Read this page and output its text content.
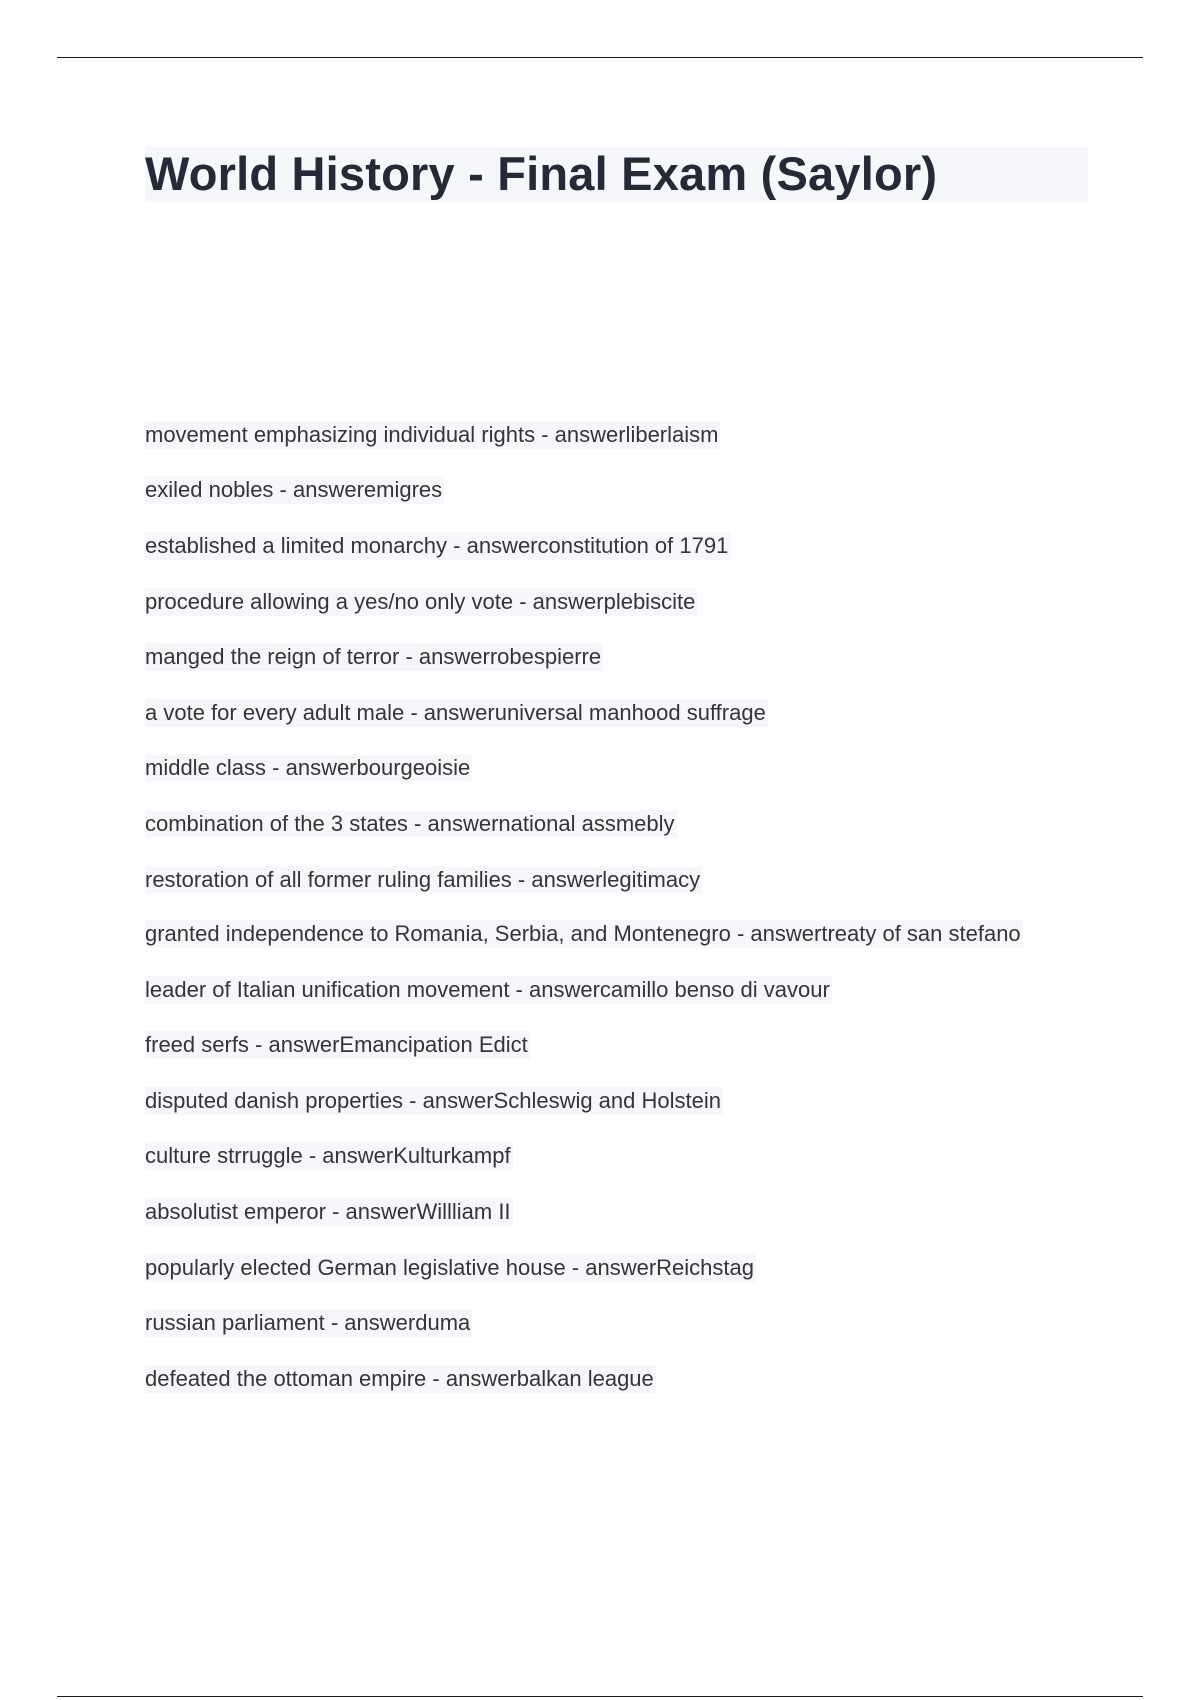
World History - Final Exam (Saylor)
movement emphasizing individual rights - answerliberlaism
exiled nobles - answeremigres
established a limited monarchy - answerconstitution of 1791
procedure allowing a yes/no only vote - answerplebiscite
manged the reign of terror - answerrobespierre
a vote for every adult male - answeruniversal manhood suffrage
middle class - answerbourgeoisie
combination of the 3 states - answernational assmebly
restoration of all former ruling families - answerlegitimacy
granted independence to Romania, Serbia, and Montenegro - answertreaty of san stefano
leader of Italian unification movement - answercamillo benso di vavour
freed serfs - answerEmancipation Edict
disputed danish properties - answerSchleswig and Holstein
culture strruggle - answerKulturkampf
absolutist emperor - answerWillliam II
popularly elected German legislative house - answerReichstag
russian parliament - answerduma
defeated the ottoman empire - answerbalkan league
